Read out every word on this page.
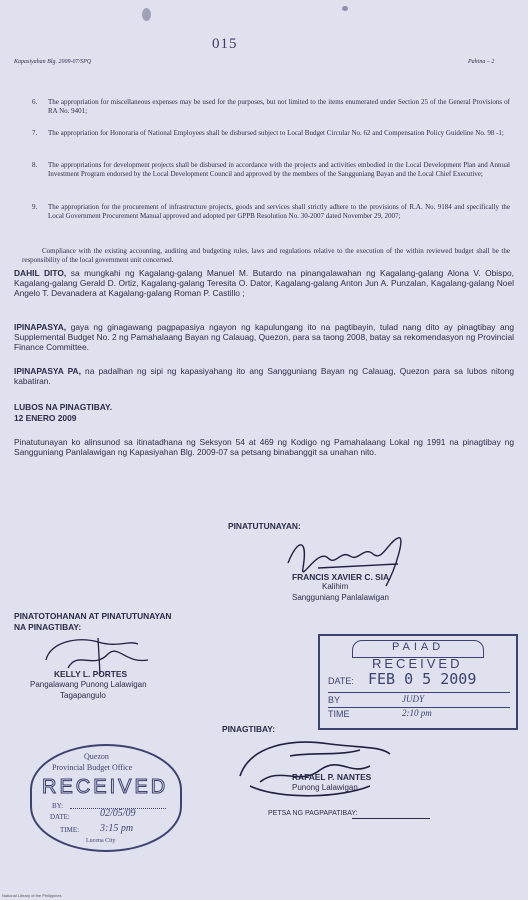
Kapasiyahan Blg. 2009-07/SPQ
015
Pahina – 2
6. The appropriation for miscellaneous expenses may be used for the purposes, but not limited to the items enumerated under Section 25 of the General Provisions of RA No. 9401;
7. The appropriation for Honoraria of National Employees shall be disbursed subject to Local Budget Circular No. 62 and Compensation Policy Guideline No. 98 -1;
8. The appropriations for development projects shall be disbursed in accordance with the projects and activities embodied in the Local Development Plan and Annual Investment Program endorsed by the Local Development Council and approved by the members of the Sangguniang Bayan and the Local Chief Executive;
9. The appropriation for the procurement of infrastructure projects, goods and services shall strictly adhere to the provisions of R.A. No. 9184 and specifically the Local Government Procurement Manual approved and adopted per GPPB Resolution No. 30-2007 dated November 29, 2007;
Compliance with the existing accounting, auditing and budgeting rules, laws and regulations relative to the execution of the within reviewed budget shall be the responsibility of the local government unit concerned.
DAHIL DITO, sa mungkahi ng Kagalang-galang Manuel M. Butardo na pinangalawahan ng Kagalang-galang Alona V. Obispo, Kagalang-galang Gerald D. Ortiz, Kagalang-galang Teresita O. Dator, Kagalang-galang Anton Jun A. Punzalan, Kagalang-galang Noel Angelo T. Devanadera at Kagalang-galang Roman P. Castillo ;
IPINAPASYA, gaya ng ginagawang pagpapasiya ngayon ng kapulungang ito na pagtibayin, tulad nang dito ay pinagtibay ang Supplemental Budget No. 2 ng Pamahalaang Bayan ng Calauag, Quezon, para sa taong 2008, batay sa rekomendasyon ng Provincial Finance Committee.
IPINAPASYA PA, na padalhan ng sipi ng kapasiyahang ito ang Sangguniang Bayan ng Calauag, Quezon para sa lubos nitong kabatiran.
LUBOS NA PINAGTIBAY.
12 ENERO 2009
Pinatutunayan ko alinsunod sa itinatadhana ng Seksyon 54 at 469 ng Kodigo ng Pamahalaang Lokal ng 1991 na pinagtibay ng Sangguniang Panlalawigan ng Kapasiyahan Blg. 2009-07 sa petsang binabanggit sa unahan nito.
PINATUTUNAYAN:
FRANCIS XAVIER C. SIA
Kalihim
Sangguniang Panlalawigan
PINATOTOHANAN AT PINATUTUNAYAN
NA PINAGTIBAY:
KELLY L. PORTES
Pangalawang Punong Lalawigan
Tagapangulo
PAIAD
RECEIVED
DATE: FEB 0 5 2009
BY	JUDY
TIME	2:10 pm
PINAGTIBAY:
RAFAEL P. NANTES
Punong Lalawigan
PETSA NG PAGPAPATIBAY:
Quezon
Provincial Budget Office
RECEIVED
BY:
DATE:	02/05/09
TIME: 3:15 pm
Lucena City
National Library of the Philippines
